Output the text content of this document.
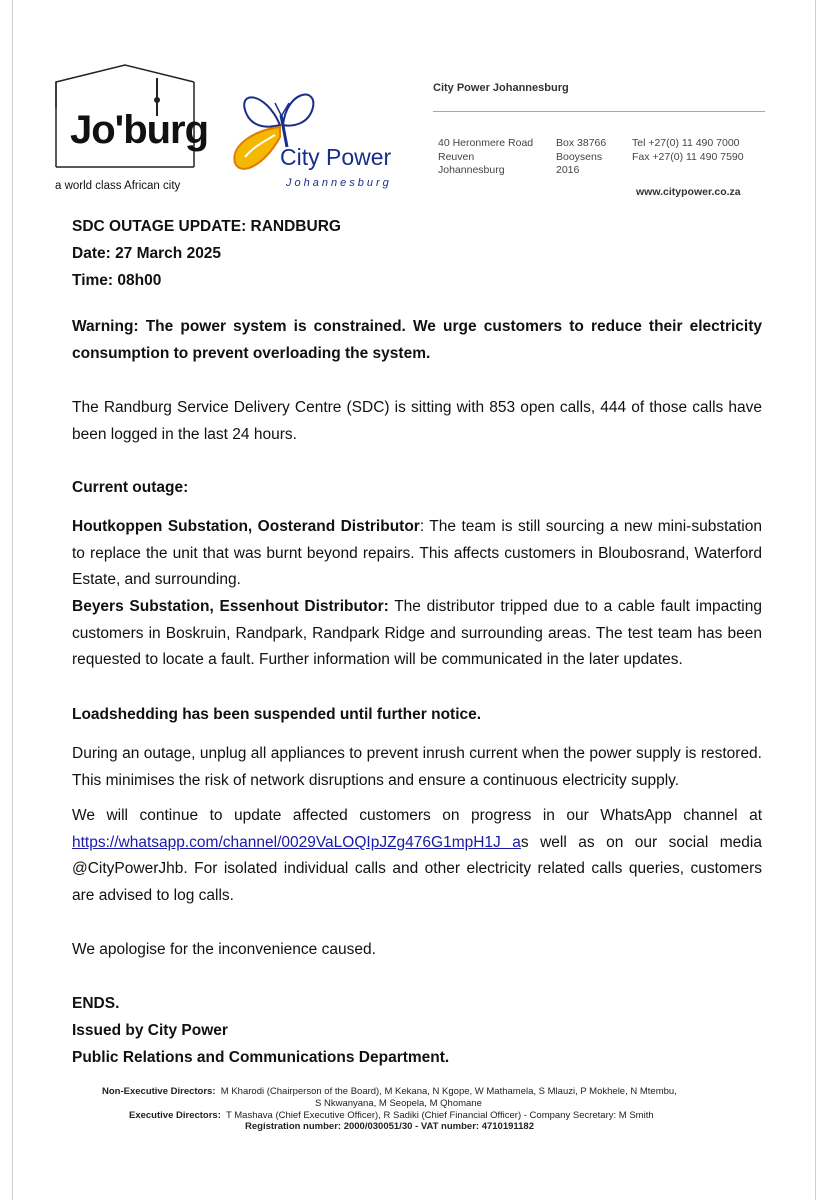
Jo'burg
a world class African city
City Power
Johannesburg
City Power Johannesburg
40 Heronmere Road
Reuven
Johannesburg
Box 38766
Booysens
2016
Tel +27(0) 11 490 7000
Fax +27(0) 11 490 7590
www.citypower.co.za
SDC OUTAGE UPDATE: RANDBURG
Date: 27 March 2025
Time: 08h00
Warning: The power system is constrained. We urge customers to reduce their electricity consumption to prevent overloading the system.
The Randburg Service Delivery Centre (SDC) is sitting with 853 open calls, 444 of those calls have been logged in the last 24 hours.
Current outage:
Houtkoppen Substation, Oosterand Distributor: The team is still sourcing a new mini-substation to replace the unit that was burnt beyond repairs. This affects customers in Bloubosrand, Waterford Estate, and surrounding.
Beyers Substation, Essenhout Distributor: The distributor tripped due to a cable fault impacting customers in Boskruin, Randpark, Randpark Ridge and surrounding areas. The test team has been requested to locate a fault. Further information will be communicated in the later updates.
Loadshedding has been suspended until further notice.
During an outage, unplug all appliances to prevent inrush current when the power supply is restored. This minimises the risk of network disruptions and ensure a continuous electricity supply.
We will continue to update affected customers on progress in our WhatsApp channel at
https://whatsapp.com/channel/0029VaLOQIpJZg476G1mpH1J as well as on our social media
@CityPowerJhb. For isolated individual calls and other electricity related calls queries, customers are advised to log calls.
We apologise for the inconvenience caused.
ENDS.
Issued by City Power
Public Relations and Communications Department.
Non-Executive Directors: M Kharodi (Chairperson of the Board), M Kekana, N Kgope, W Mathamela, S Mlauzi, P Mokhele, N Mtembu,
S Nkwanyana, M Seopela, M Qhomane
Executive Directors: T Mashava (Chief Executive Officer), R Sadiki (Chief Financial Officer) - Company Secretary: M Smith
Registration number: 2000/030051/30 - VAT number: 4710191182
